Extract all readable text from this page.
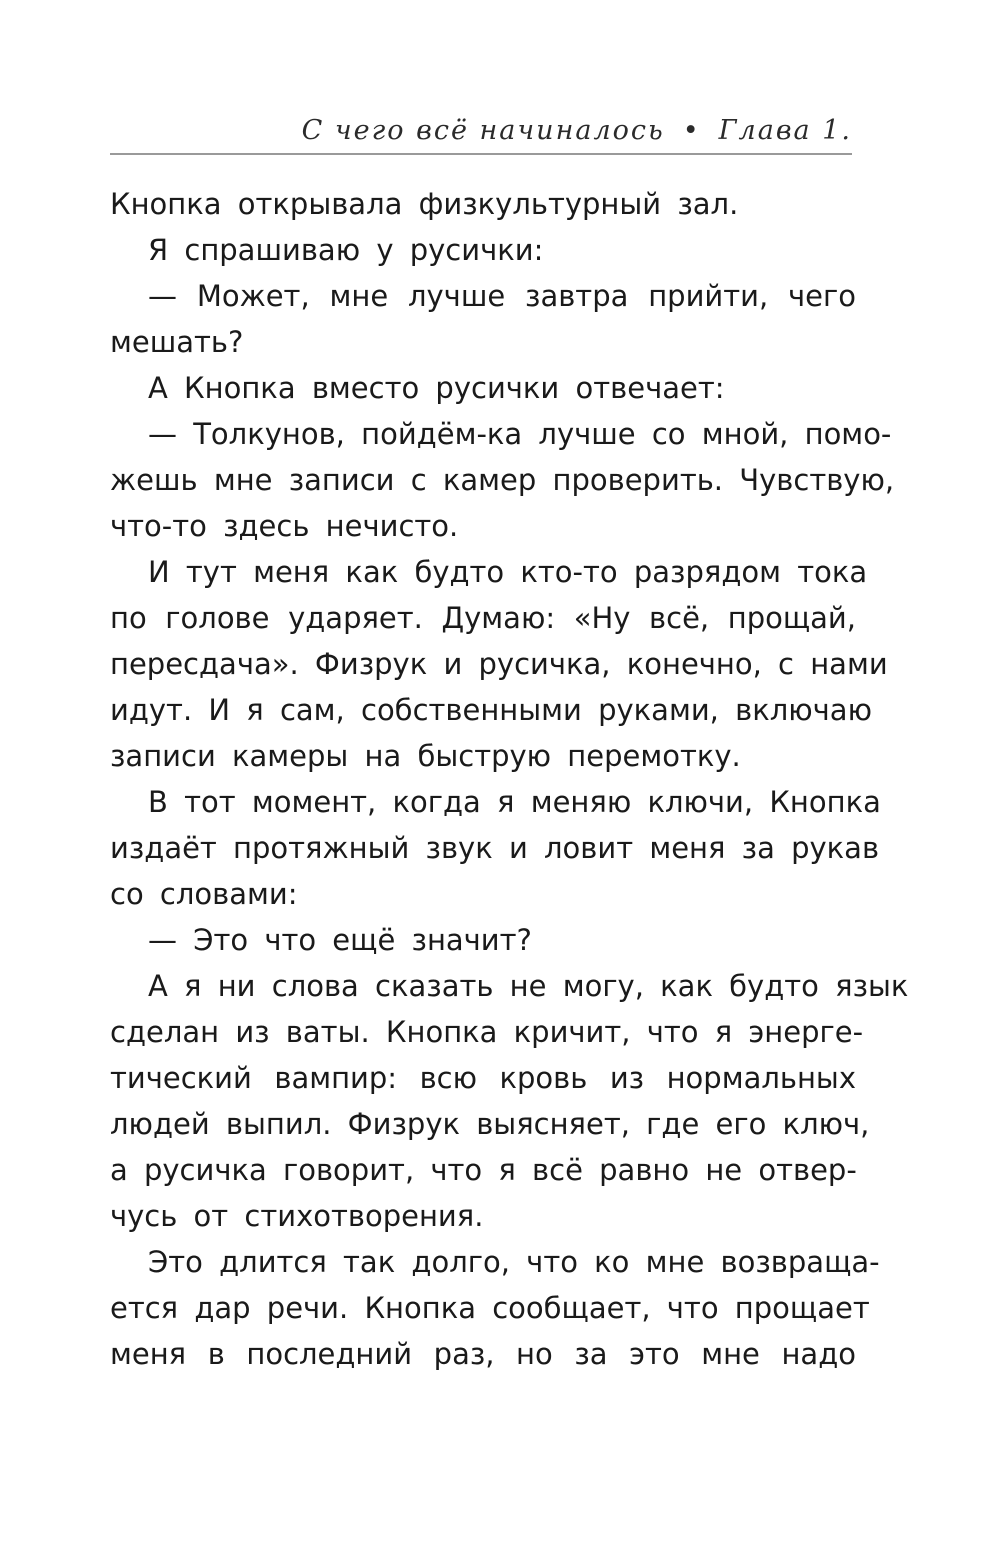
С чего всё начиналось • Глава 1.
Кнопка открывала физкультурный зал.
Я спрашиваю у русички:
— Может, мне лучше завтра прийти, чего
мешать?
А Кнопка вместо русички отвечает:
— Толкунов, пойдём-ка лучше со мной, помо-
жешь мне записи с камер проверить. Чувствую,
что-то здесь нечисто.
И тут меня как будто кто-то разрядом тока
по голове ударяет. Думаю: «Ну всё, прощай,
пересдача». Физрук и русичка, конечно, с нами
идут. И я сам, собственными руками, включаю
записи камеры на быструю перемотку.
В тот момент, когда я меняю ключи, Кнопка
издаёт протяжный звук и ловит меня за рукав
со словами:
— Это что ещё значит?
А я ни слова сказать не могу, как будто язык
сделан из ваты. Кнопка кричит, что я энерге-
тический вампир: всю кровь из нормальных
людей выпил. Физрук выясняет, где его ключ,
а русичка говорит, что я всё равно не отвер-
чусь от стихотворения.
Это длится так долго, что ко мне возвраща-
ется дар речи. Кнопка сообщает, что прощает
меня в последний раз, но за это мне надо
